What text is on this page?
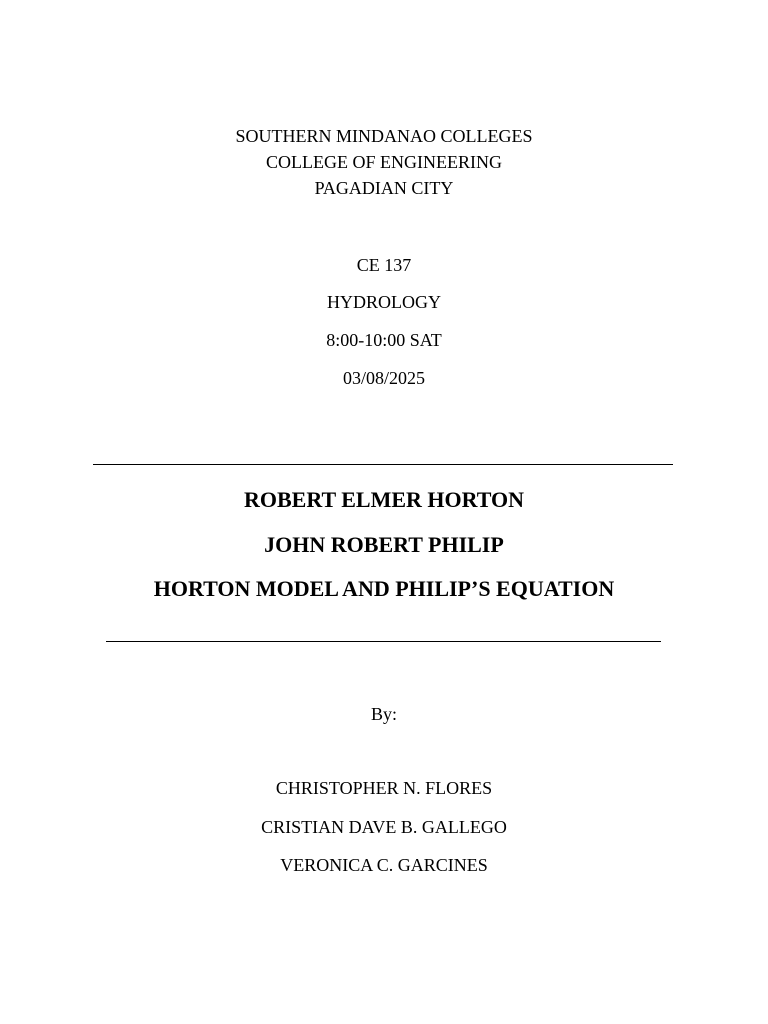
SOUTHERN MINDANAO COLLEGES
COLLEGE OF ENGINEERING
PAGADIAN CITY
CE 137
HYDROLOGY
8:00-10:00 SAT
03/08/2025
ROBERT ELMER HORTON
JOHN ROBERT PHILIP
HORTON MODEL AND PHILIP’S EQUATION
By:
CHRISTOPHER N. FLORES
CRISTIAN DAVE B. GALLEGO
VERONICA C. GARCINES
